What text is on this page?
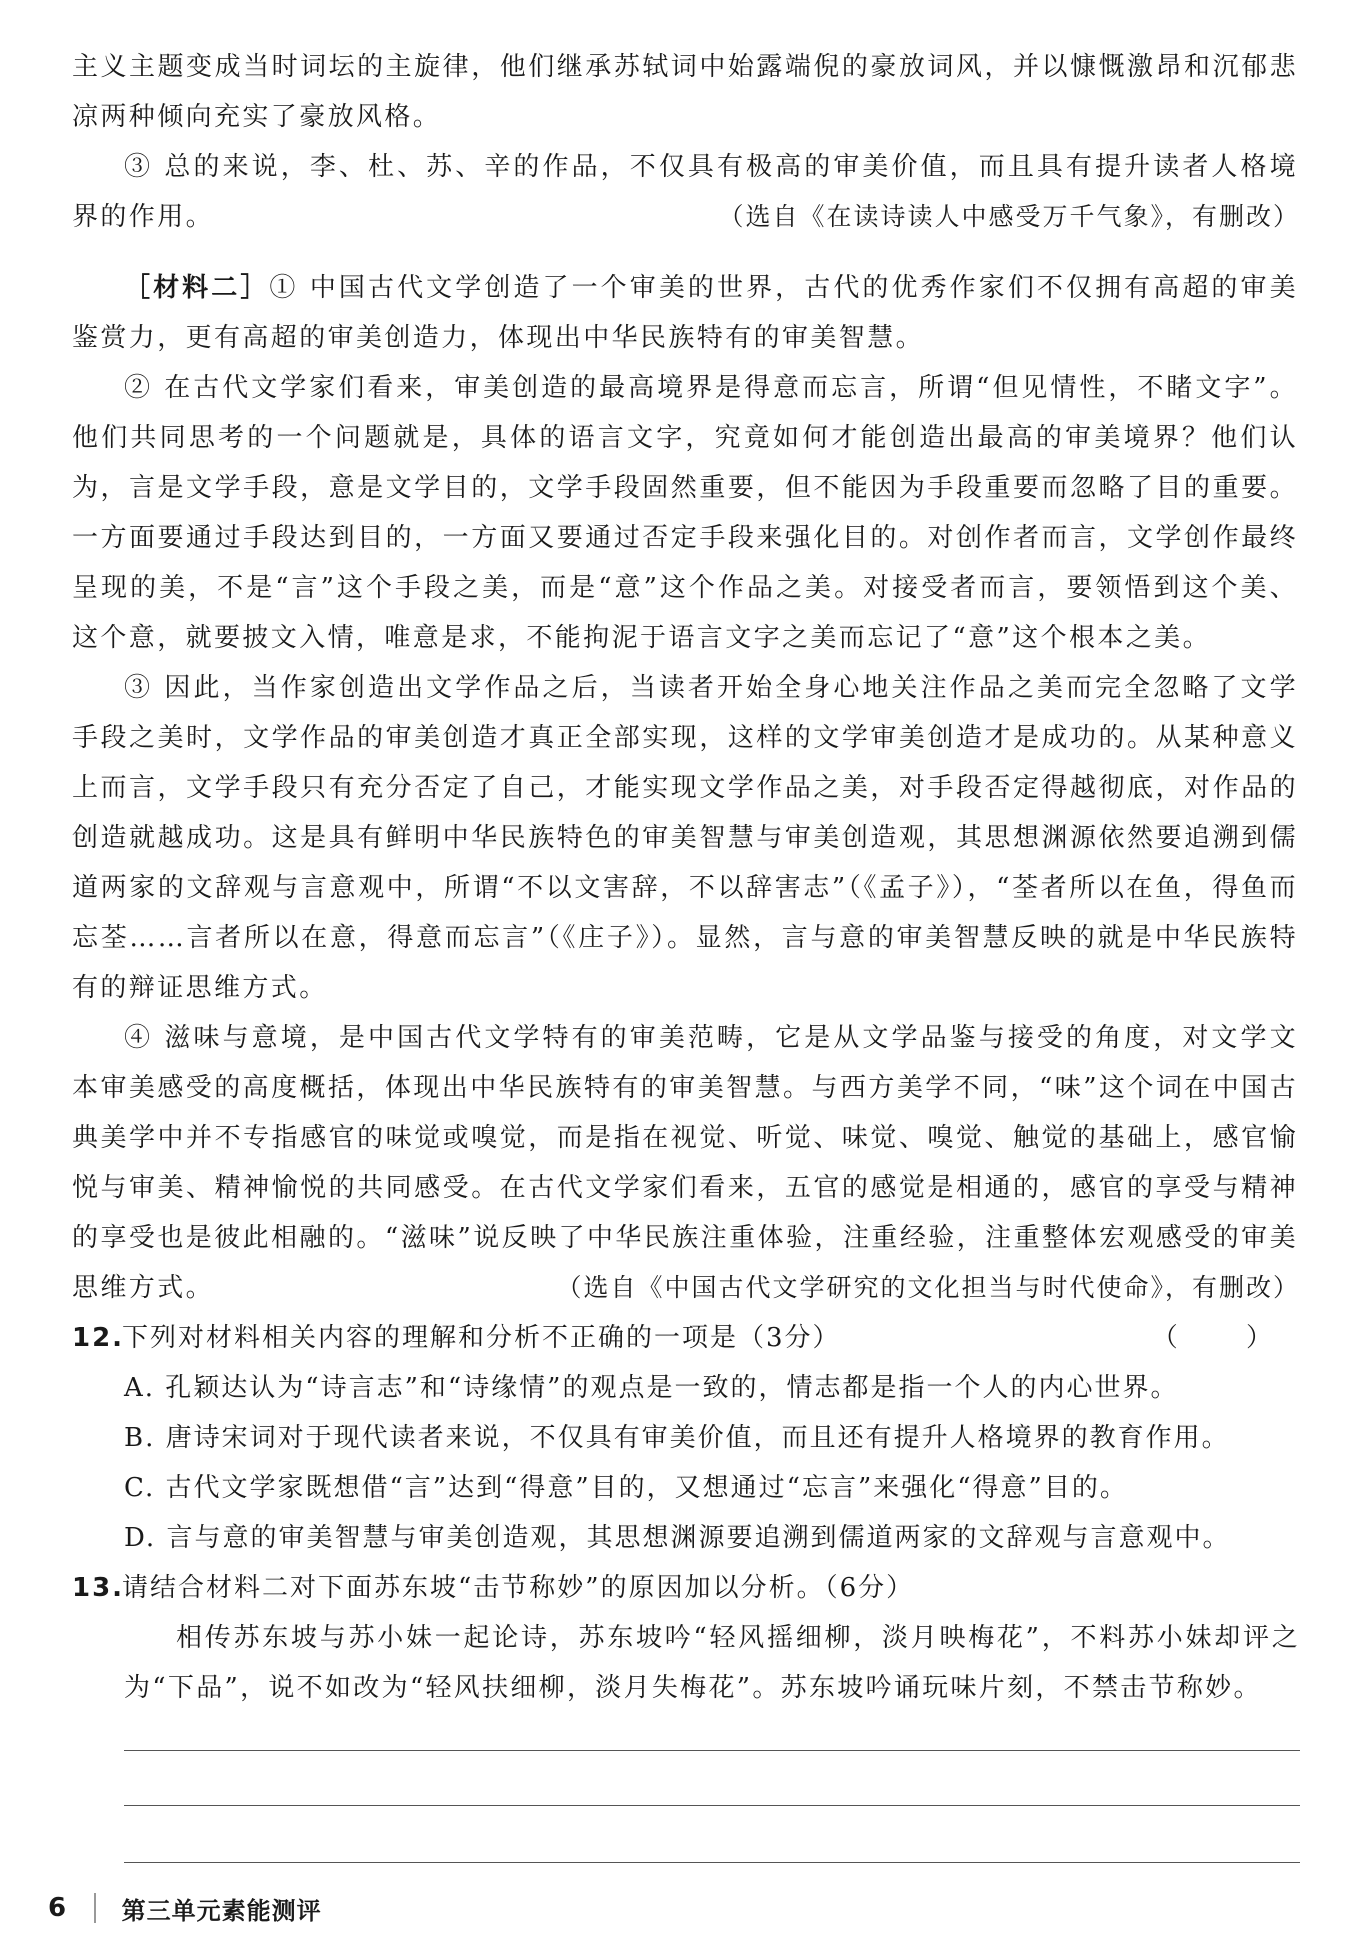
主义主题变成当时词坛的主旋律，他们继承苏轼词中始露端倪的豪放词风，并以慷慨激昂和沉郁悲凉两种倾向充实了豪放风格。

③ 总的来说，李、杜、苏、辛的作品，不仅具有极高的审美价值，而且具有提升读者人格境界的作用。	（选自《在读诗读人中感受万千气象》，有删改）

［材料二］① 中国古代文学创造了一个审美的世界，古代的优秀作家们不仅拥有高超的审美鉴赏力，更有高超的审美创造力，体现出中华民族特有的审美智慧。

② 在古代文学家们看来，审美创造的最高境界是得意而忘言，所谓“但见情性，不睹文字”。他们共同思考的一个问题就是，具体的语言文字，究竟如何才能创造出最高的审美境界？他们认为，言是文学手段，意是文学目的，文学手段固然重要，但不能因为手段重要而忽略了目的重要。一方面要通过手段达到目的，一方面又要通过否定手段来强化目的。对创作者而言，文学创作最终呈现的美，不是“言”这个手段之美，而是“意”这个作品之美。对接受者而言，要领悟到这个美、这个意，就要披文入情，唯意是求，不能拘泥于语言文字之美而忘记了“意”这个根本之美。

③ 因此，当作家创造出文学作品之后，当读者开始全身心地关注作品之美而完全忽略了文学手段之美时，文学作品的审美创造才真正全部实现，这样的文学审美创造才是成功的。从某种意义上而言，文学手段只有充分否定了自己，才能实现文学作品之美，对手段否定得越彻底，对作品的创造就越成功。这是具有鲜明中华民族特色的审美智慧与审美创造观，其思想渊源依然要追溯到儒道两家的文辞观与言意观中，所谓“不以文害辞，不以辞害志”（《孟子》），“荃者所以在鱼，得鱼而忘荃……言者所以在意，得意而忘言”（《庄子》）。显然，言与意的审美智慧反映的就是中华民族特有的辩证思维方式。

④ 滋味与意境，是中国古代文学特有的审美范畴，它是从文学品鉴与接受的角度，对文学文本审美感受的高度概括，体现出中华民族特有的审美智慧。与西方美学不同，“味”这个词在中国古典美学中并不专指感官的味觉或嗅觉，而是指在视觉、听觉、味觉、嗅觉、触觉的基础上，感官愉悦与审美、精神愉悦的共同感受。在古代文学家们看来，五官的感觉是相通的，感官的享受与精神的享受也是彼此相融的。“滋味”说反映了中华民族注重体验，注重经验，注重整体宏观感受的审美思维方式。	（选自《中国古代文学研究的文化担当与时代使命》，有删改）

12.下列对材料相关内容的理解和分析不正确的一项是（3分）	（ ）

A. 孔颖达认为“诗言志”和“诗缘情”的观点是一致的，情志都是指一个人的内心世界。

B. 唐诗宋词对于现代读者来说，不仅具有审美价值，而且还有提升人格境界的教育作用。

C. 古代文学家既想借“言”达到“得意”目的，又想通过“忘言”来强化“得意”目的。

D. 言与意的审美智慧与审美创造观，其思想渊源要追溯到儒道两家的文辞观与言意观中。

13.请结合材料二对下面苏东坡“击节称妙”的原因加以分析。（6分）

相传苏东坡与苏小妹一起论诗，苏东坡吟“轻风摇细柳，淡月映梅花”，不料苏小妹却评之为“下品”，说不如改为“轻风扶细柳，淡月失梅花”。苏东坡吟诵玩味片刻，不禁击节称妙。

6 第三单元素能测评
